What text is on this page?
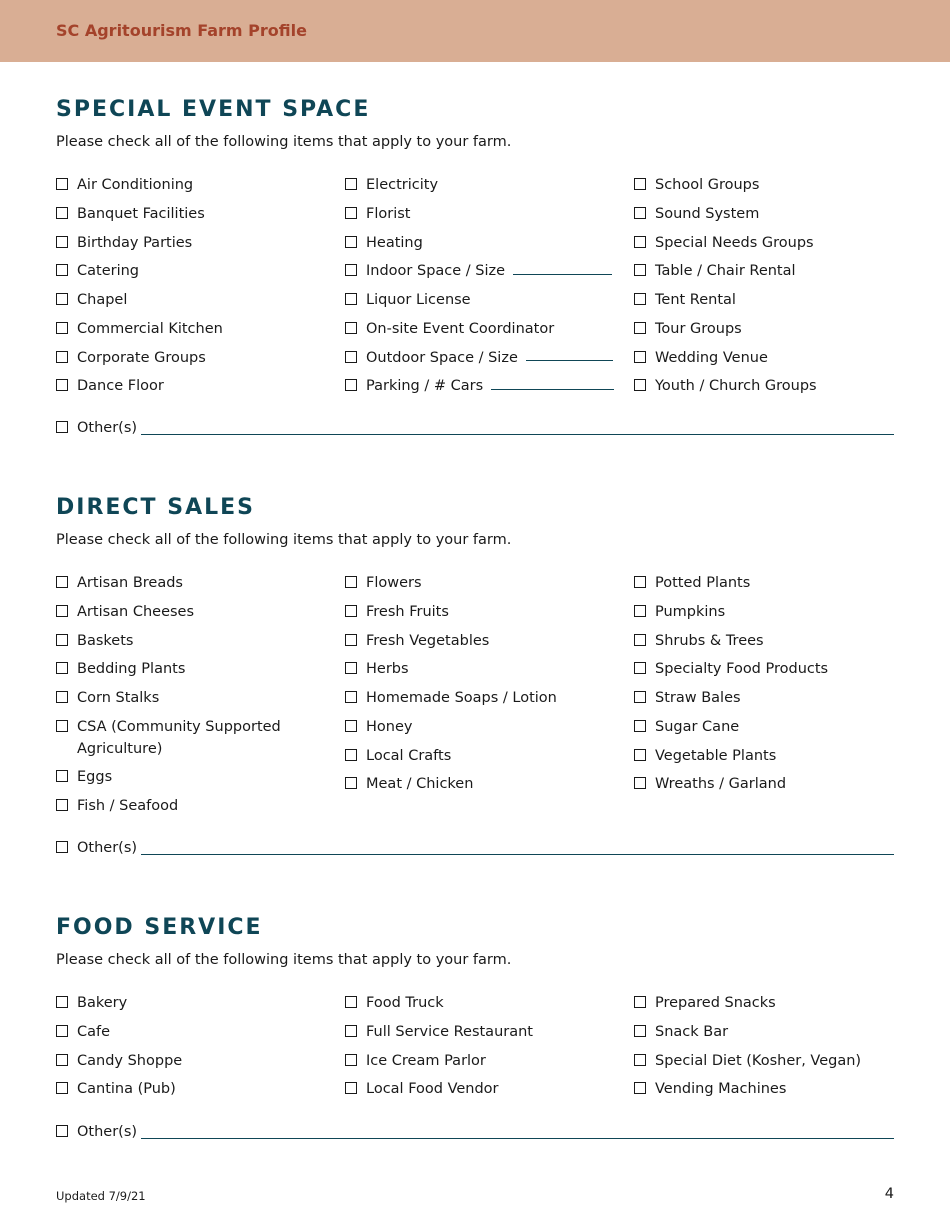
SC Agritourism Farm Profile
SPECIAL EVENT SPACE
Please check all of the following items that apply to your farm.
Air Conditioning
Banquet Facilities
Birthday Parties
Catering
Chapel
Commercial Kitchen
Corporate Groups
Dance Floor
Electricity
Florist
Heating
Indoor Space / Size
Liquor License
On-site Event Coordinator
Outdoor Space / Size
Parking / # Cars
School Groups
Sound System
Special Needs Groups
Table / Chair Rental
Tent Rental
Tour Groups
Wedding Venue
Youth / Church Groups
Other(s)
DIRECT SALES
Please check all of the following items that apply to your farm.
Artisan Breads
Artisan Cheeses
Baskets
Bedding Plants
Corn Stalks
CSA (Community Supported Agriculture)
Eggs
Fish / Seafood
Flowers
Fresh Fruits
Fresh Vegetables
Herbs
Homemade Soaps / Lotion
Honey
Local Crafts
Meat / Chicken
Potted Plants
Pumpkins
Shrubs & Trees
Specialty Food Products
Straw Bales
Sugar Cane
Vegetable Plants
Wreaths / Garland
Other(s)
FOOD SERVICE
Please check all of the following items that apply to your farm.
Bakery
Cafe
Candy Shoppe
Cantina (Pub)
Food Truck
Full Service Restaurant
Ice Cream Parlor
Local Food Vendor
Prepared Snacks
Snack Bar
Special Diet (Kosher, Vegan)
Vending Machines
Other(s)
Updated 7/9/21	4
